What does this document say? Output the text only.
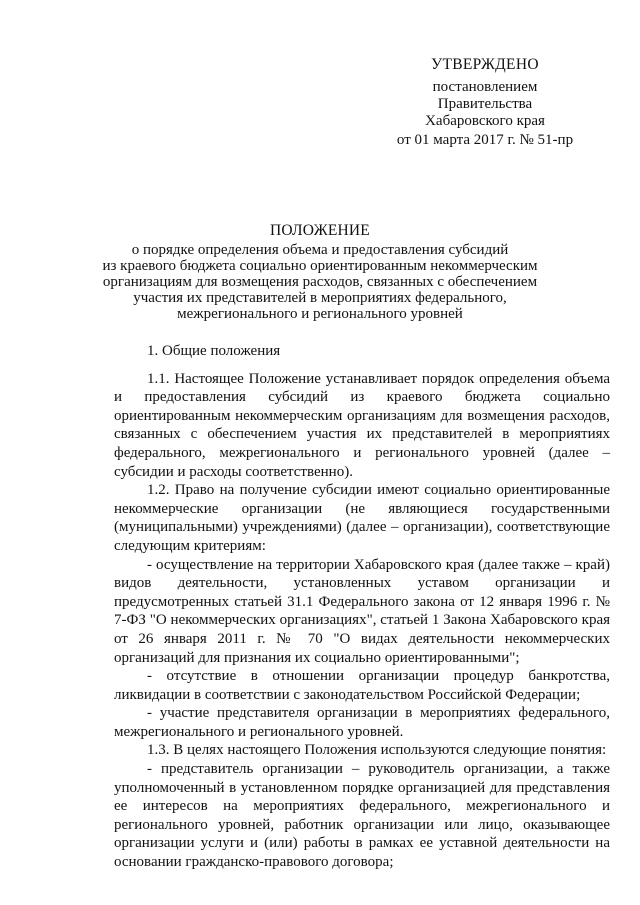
УТВЕРЖДЕНО
постановлением
Правительства
Хабаровского края
от 01 марта 2017 г. № 51-пр
ПОЛОЖЕНИЕ
о порядке определения объема и предоставления субсидий
из краевого бюджета социально ориентированным некоммерческим
организациям для возмещения расходов, связанных с обеспечением
участия их представителей в мероприятиях федерального,
межрегионального и регионального уровней
1. Общие положения

1.1. Настоящее Положение устанавливает порядок определения объема и предоставления субсидий из краевого бюджета социально ориентированным некоммерческим организациям для возмещения расходов, связанных с обеспечением участия их представителей в мероприятиях федерального, межрегионального и регионального уровней (далее – субсидии и расходы соответственно).

1.2. Право на получение субсидии имеют социально ориентированные некоммерческие организации (не являющиеся государственными (муниципальными) учреждениями) (далее – организации), соответствующие следующим критериям:

- осуществление на территории Хабаровского края (далее также – край) видов деятельности, установленных уставом организации и предусмотренных статьей 31.1 Федерального закона от 12 января 1996 г. № 7-ФЗ "О некоммерческих организациях", статьей 1 Закона Хабаровского края от 26 января 2011 г. № 70 "О видах деятельности некоммерческих организаций для признания их социально ориентированными";

- отсутствие в отношении организации процедур банкротства, ликвидации в соответствии с законодательством Российской Федерации;

- участие представителя организации в мероприятиях федерального, межрегионального и регионального уровней.

1.3. В целях настоящего Положения используются следующие понятия:

- представитель организации – руководитель организации, а также уполномоченный в установленном порядке организацией для представления ее интересов на мероприятиях федерального, межрегионального и регионального уровней, работник организации или лицо, оказывающее организации услуги и (или) работы в рамках ее уставной деятельности на основании гражданско-правового договора;
